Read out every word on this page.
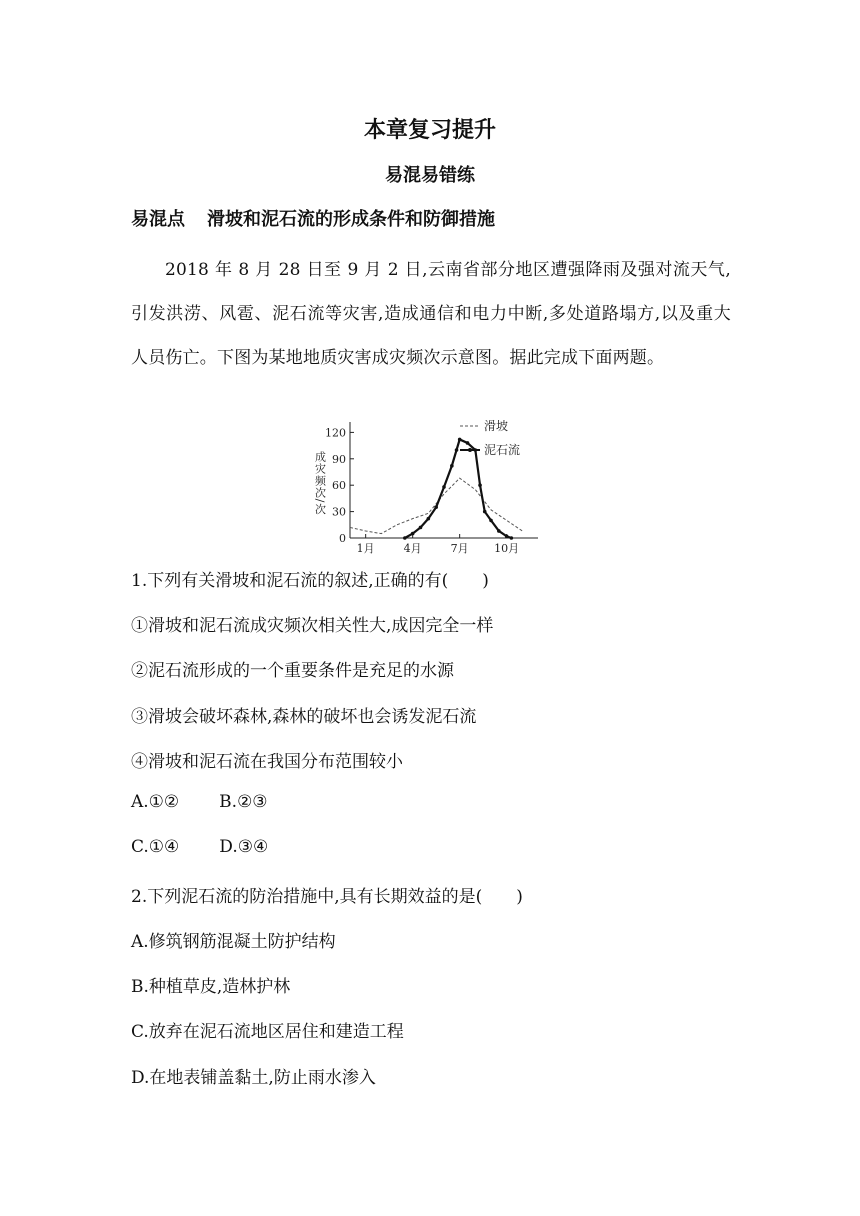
本章复习提升
易混易错练
易混点 滑坡和泥石流的形成条件和防御措施
2018 年 8 月 28 日至 9 月 2 日,云南省部分地区遭强降雨及强对流天气,引发洪涝、风雹、泥石流等灾害,造成通信和电力中断,多处道路塌方,以及重大人员伤亡。下图为某地地质灾害成灾频次示意图。据此完成下面两题。
0
30
60
90
120
1月	4月	7月 10月
成灾频次/次
滑坡
泥石流
1.下列有关滑坡和泥石流的叙述,正确的有(　　)
①滑坡和泥石流成灾频次相关性大,成因完全一样
②泥石流形成的一个重要条件是充足的水源
③滑坡会破坏森林,森林的破坏也会诱发泥石流
④滑坡和泥石流在我国分布范围较小
A.①② B.②③
C.①④ D.③④
2.下列泥石流的防治措施中,具有长期效益的是(　　)
A.修筑钢筋混凝土防护结构
B.种植草皮,造林护林
C.放弃在泥石流地区居住和建造工程
D.在地表铺盖黏土,防止雨水渗入
